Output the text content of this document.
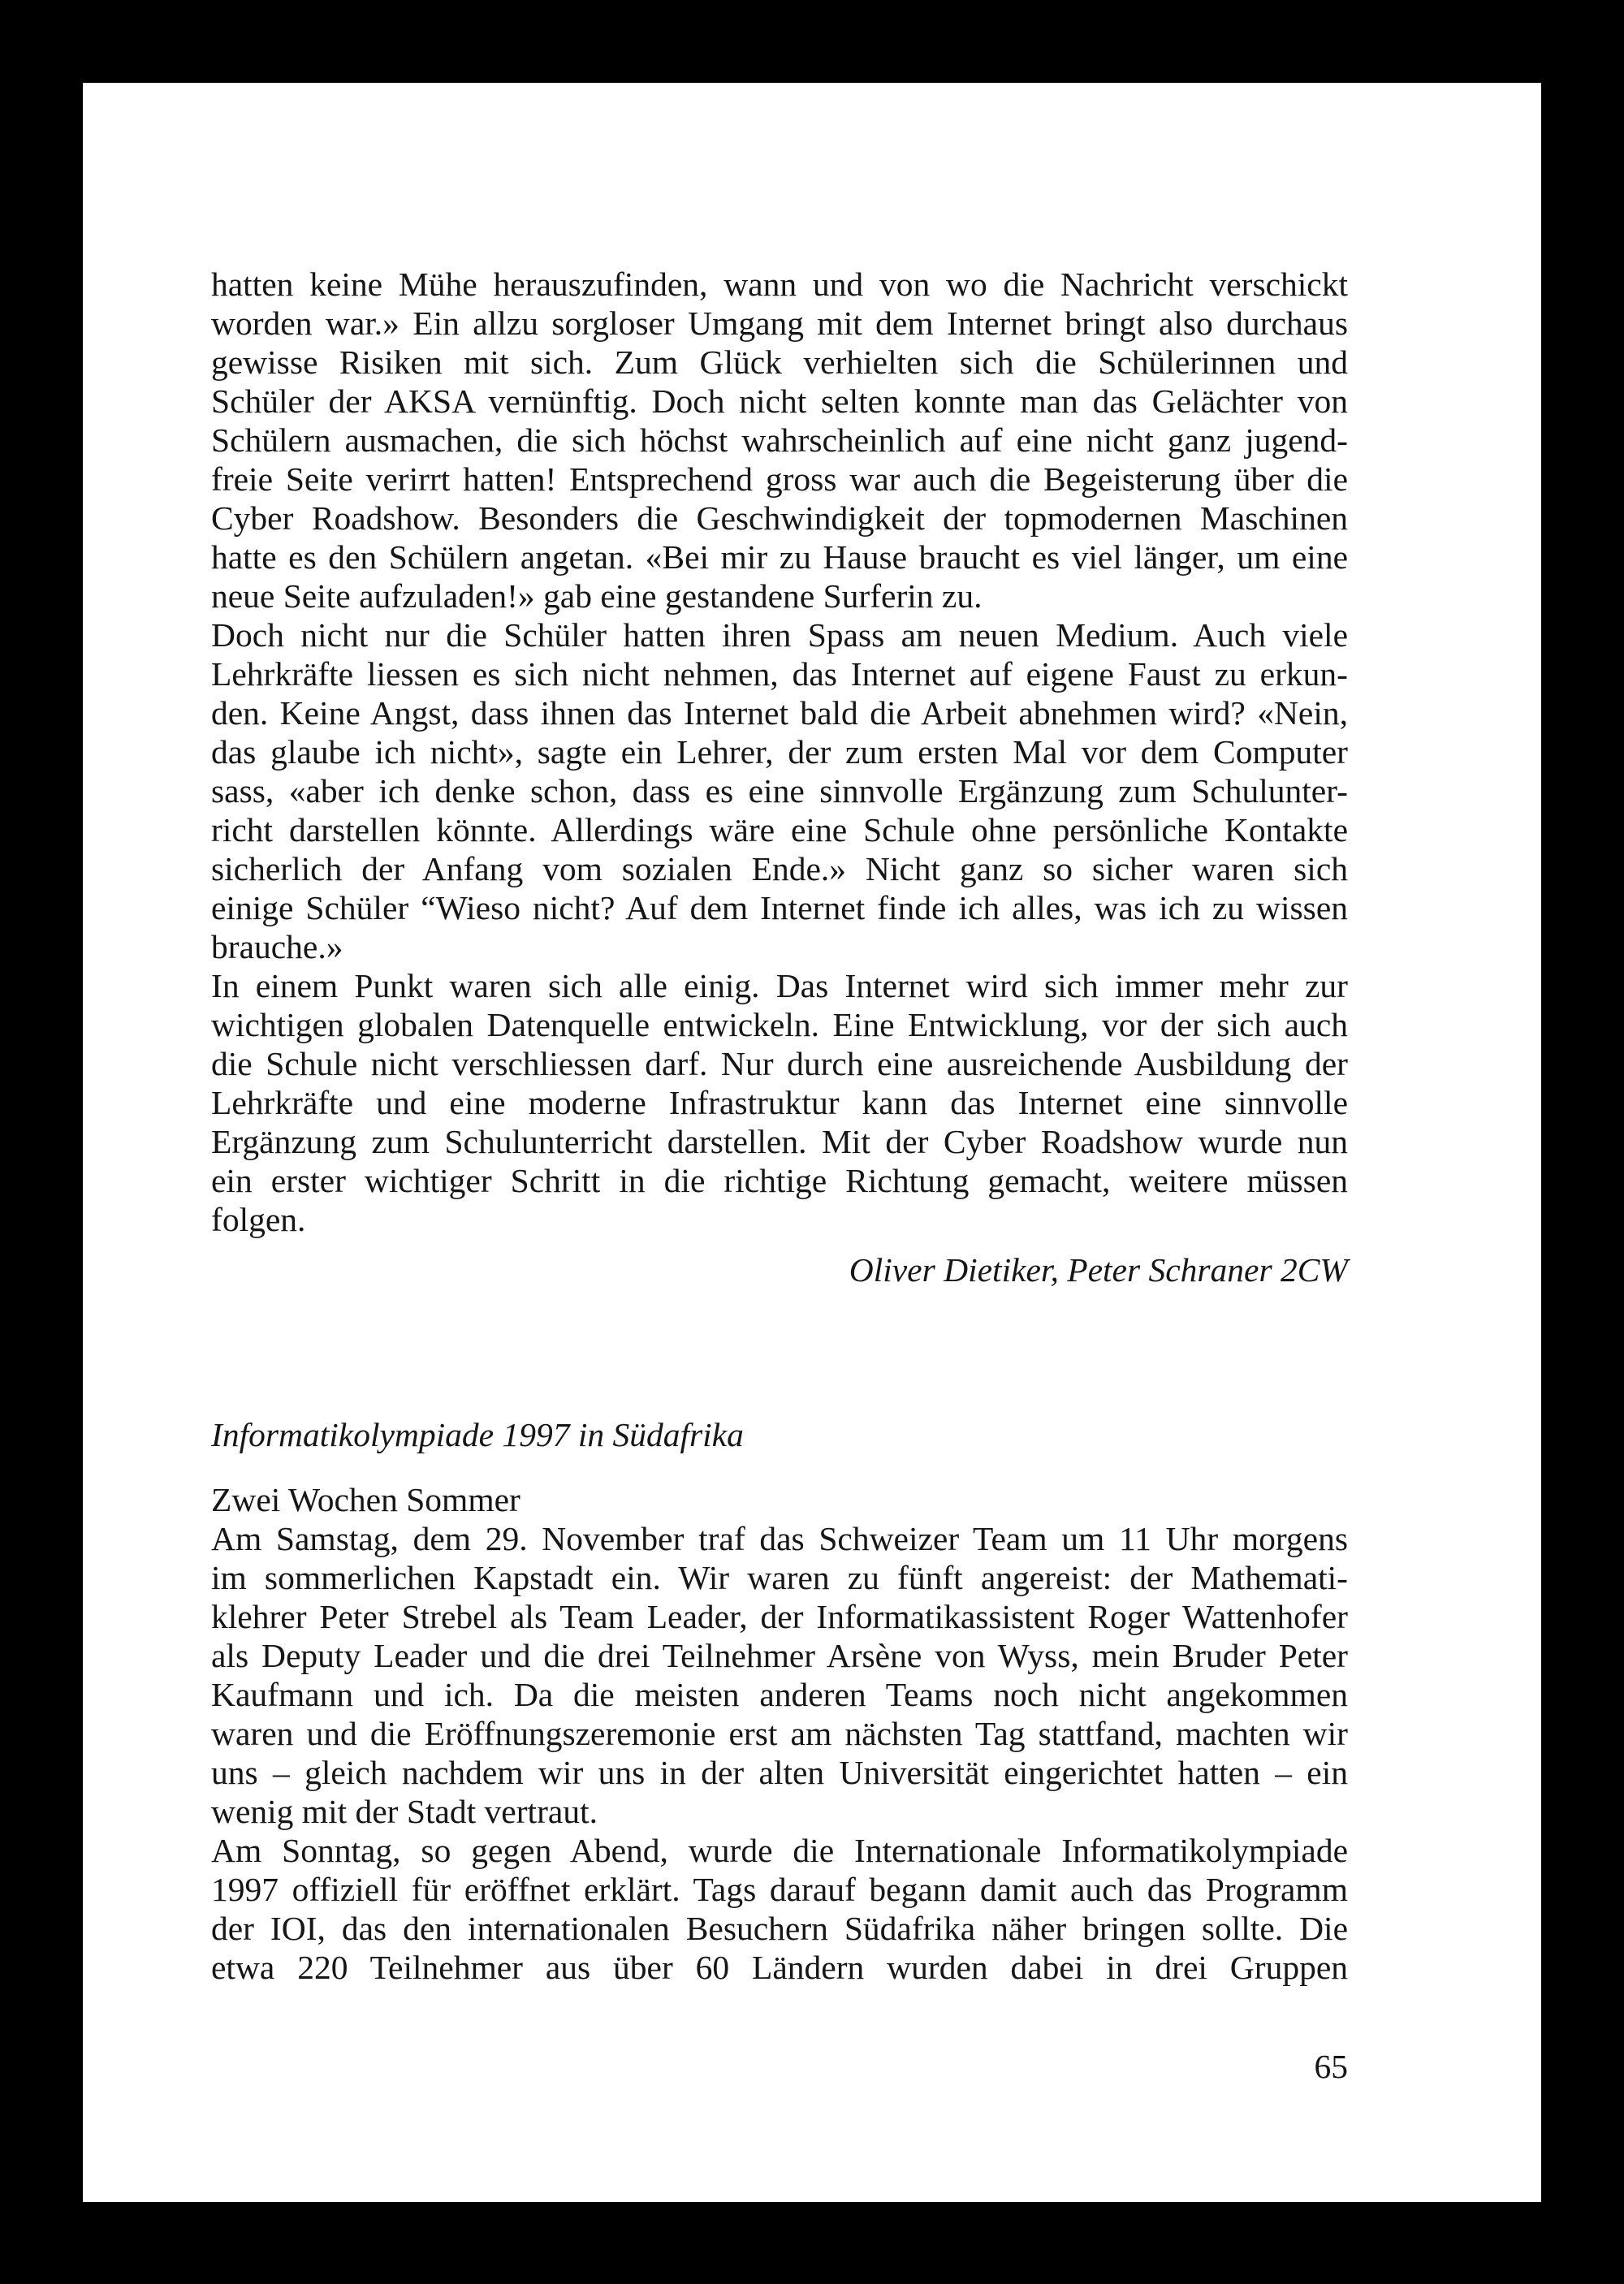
hatten keine Mühe herauszufinden, wann und von wo die Nachricht verschickt
worden war.» Ein allzu sorgloser Umgang mit dem Internet bringt also durchaus
gewisse Risiken mit sich. Zum Glück verhielten sich die Schülerinnen und
Schüler der AKSA vernünftig. Doch nicht selten konnte man das Gelächter von
Schülern ausmachen, die sich höchst wahrscheinlich auf eine nicht ganz jugend-
freie Seite verirrt hatten! Entsprechend gross war auch die Begeisterung über die
Cyber Roadshow. Besonders die Geschwindigkeit der topmodernen Maschinen
hatte es den Schülern angetan. «Bei mir zu Hause braucht es viel länger, um eine
neue Seite aufzuladen!» gab eine gestandene Surferin zu.
Doch nicht nur die Schüler hatten ihren Spass am neuen Medium. Auch viele
Lehrkräfte liessen es sich nicht nehmen, das Internet auf eigene Faust zu erkun-
den. Keine Angst, dass ihnen das Internet bald die Arbeit abnehmen wird? «Nein,
das glaube ich nicht», sagte ein Lehrer, der zum ersten Mal vor dem Computer
sass, «aber ich denke schon, dass es eine sinnvolle Ergänzung zum Schulunter-
richt darstellen könnte. Allerdings wäre eine Schule ohne persönliche Kontakte
sicherlich der Anfang vom sozialen Ende.» Nicht ganz so sicher waren sich
einige Schüler “Wieso nicht? Auf dem Internet finde ich alles, was ich zu wissen
brauche.»
In einem Punkt waren sich alle einig. Das Internet wird sich immer mehr zur
wichtigen globalen Datenquelle entwickeln. Eine Entwicklung, vor der sich auch
die Schule nicht verschliessen darf. Nur durch eine ausreichende Ausbildung der
Lehrkräfte und eine moderne Infrastruktur kann das Internet eine sinnvolle
Ergänzung zum Schulunterricht darstellen. Mit der Cyber Roadshow wurde nun
ein erster wichtiger Schritt in die richtige Richtung gemacht, weitere müssen
folgen.
Oliver Dietiker, Peter Schraner 2CW
Informatikolympiade 1997 in Südafrika
Zwei Wochen Sommer
Am Samstag, dem 29. November traf das Schweizer Team um 11 Uhr morgens
im sommerlichen Kapstadt ein. Wir waren zu fünft angereist: der Mathemati-
klehrer Peter Strebel als Team Leader, der Informatikassistent Roger Wattenhofer
als Deputy Leader und die drei Teilnehmer Arsène von Wyss, mein Bruder Peter
Kaufmann und ich. Da die meisten anderen Teams noch nicht angekommen
waren und die Eröffnungszeremonie erst am nächsten Tag stattfand, machten wir
uns – gleich nachdem wir uns in der alten Universität eingerichtet hatten – ein
wenig mit der Stadt vertraut.
Am Sonntag, so gegen Abend, wurde die Internationale Informatikolympiade
1997 offiziell für eröffnet erklärt. Tags darauf begann damit auch das Programm
der IOI, das den internationalen Besuchern Südafrika näher bringen sollte. Die
etwa 220 Teilnehmer aus über 60 Ländern wurden dabei in drei Gruppen
65
